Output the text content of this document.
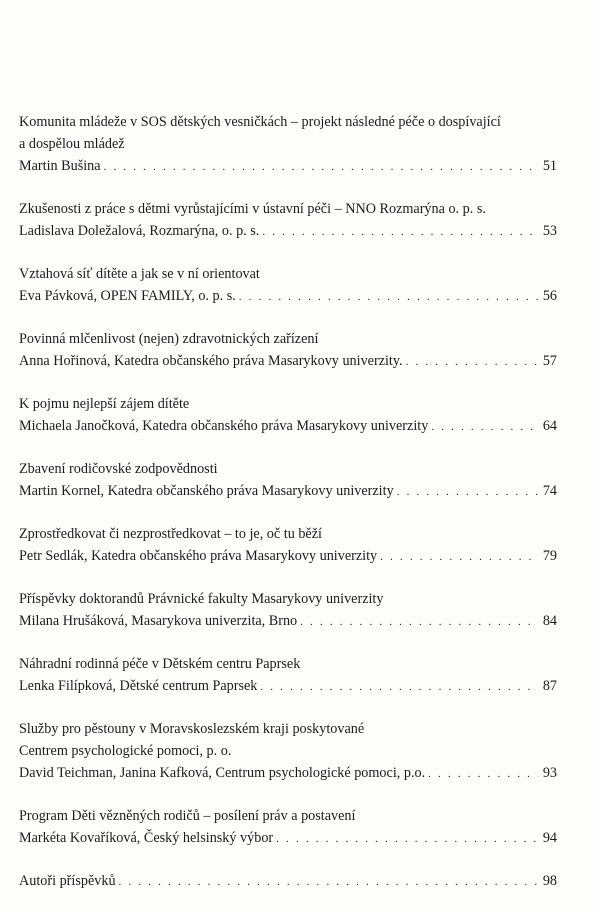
Komunita mládeže v SOS dětských vesničkách – projekt následné péče o dospívající
a dospělou mládež
Martin Bušina . . .	51
Zkušenosti z práce s dětmi vyrůstajícími v ústavní péči – NNO Rozmarýna o. p. s.
Ladislava Doležalová, Rozmarýna, o. p. s. . . .	53
Vztahová síť dítěte a jak se v ní orientovat
Eva Pávková, OPEN FAMILY, o. p. s. . . .	56
Povinná mlčenlivost (nejen) zdravotnických zařízení
Anna Hořinová, Katedra občanského práva Masarykovy univerzity. . . .	57
K pojmu nejlepší zájem dítěte
Michaela Janočková, Katedra občanského práva Masarykovy univerzity . . .	64
Zbavení rodičovské zodpovědnosti
Martin Kornel, Katedra občanského práva Masarykovy univerzity . . .	74
Zprostředkovat či nezprostředkovat – to je, oč tu běží
Petr Sedlák, Katedra občanského práva Masarykovy univerzity . . .	79
Příspěvky doktorandů Právnické fakulty Masarykovy univerzity
Milana Hrušáková, Masarykova univerzita, Brno . . .	84
Náhradní rodinná péče v Dětském centru Paprsek
Lenka Filípková, Dětské centrum Paprsek . . .	87
Služby pro pěstouny v Moravskoslezském kraji poskytované
Centrem psychologické pomoci, p. o.
David Teichman, Janina Kafková, Centrum psychologické pomoci, p.o. . . .	93
Program Děti vězněných rodičů – posílení práv a postavení
Markéta Kovaříková, Český helsinský výbor . . .	94
Autoři příspěvků . . .	98
